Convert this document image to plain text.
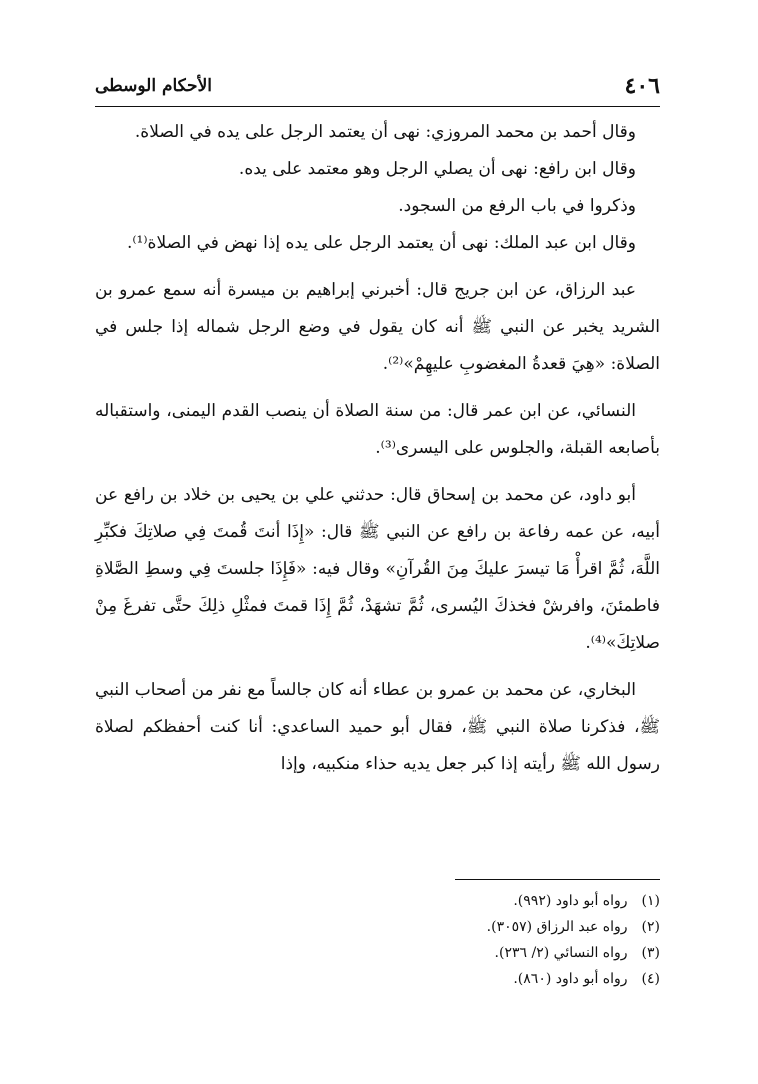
٤٠٦
الأحكام الوسطى

وقال أحمد بن محمد المروزي: نهى أن يعتمد الرجل على يده في الصلاة.

وقال ابن رافع: نهى أن يصلي الرجل وهو معتمد على يده.

وذكروا في باب الرفع من السجود.

وقال ابن عبد الملك: نهى أن يعتمد الرجل على يده إذا نهض في الصلاة⁽¹⁾.

عبد الرزاق، عن ابن جريج قال: أخبرني إبراهيم بن ميسرة أنه سمع عمرو بن الشريد يخبر عن النبي ﷺ أنه كان يقول في وضع الرجل شماله إذا جلس في الصلاة: «هِيَ قعدةُ المغضوبِ عليهِمْ»⁽²⁾.

النسائي، عن ابن عمر قال: من سنة الصلاة أن ينصب القدم اليمنى، واستقباله بأصابعه القبلة، والجلوس على اليسرى⁽³⁾.

أبو داود، عن محمد بن إسحاق قال: حدثني علي بن يحيى بن خلاد بن رافع عن أبيه، عن عمه رفاعة بن رافع عن النبي ﷺ قال: «إِذَا أنتَ قُمتَ فِي صلاتِكَ فكبِّرِ اللَّهَ، ثُمَّ اقرأْ مَا تيسرَ عليكَ مِنَ القُرآنِ» وقال فيه: «فَإِذَا جلستَ فِي وسطِ الصَّلاةِ فاطمئنَ، وافرشْ فخذكَ اليُسرى، ثُمَّ تشهَدْ، ثُمَّ إِذَا قمتَ فمثْلِ ذلِكَ حتَّى تفرغَ مِنْ صلاتِكَ»⁽⁴⁾.

البخاري، عن محمد بن عمرو بن عطاء أنه كان جالساً مع نفر من أصحاب النبي ﷺ، فذكرنا صلاة النبي ﷺ، فقال أبو حميد الساعدي: أنا كنت أحفظكم لصلاة رسول الله ﷺ رأيته إذا كبر جعل يديه حذاء منكبيه، وإذا

(١) رواه أبو داود (٩٩٢).

(٢) رواه عبد الرزاق (٣٠٥٧).

(٣) رواه النسائي (٢/ ٢٣٦).

(٤) رواه أبو داود (٨٦٠).
